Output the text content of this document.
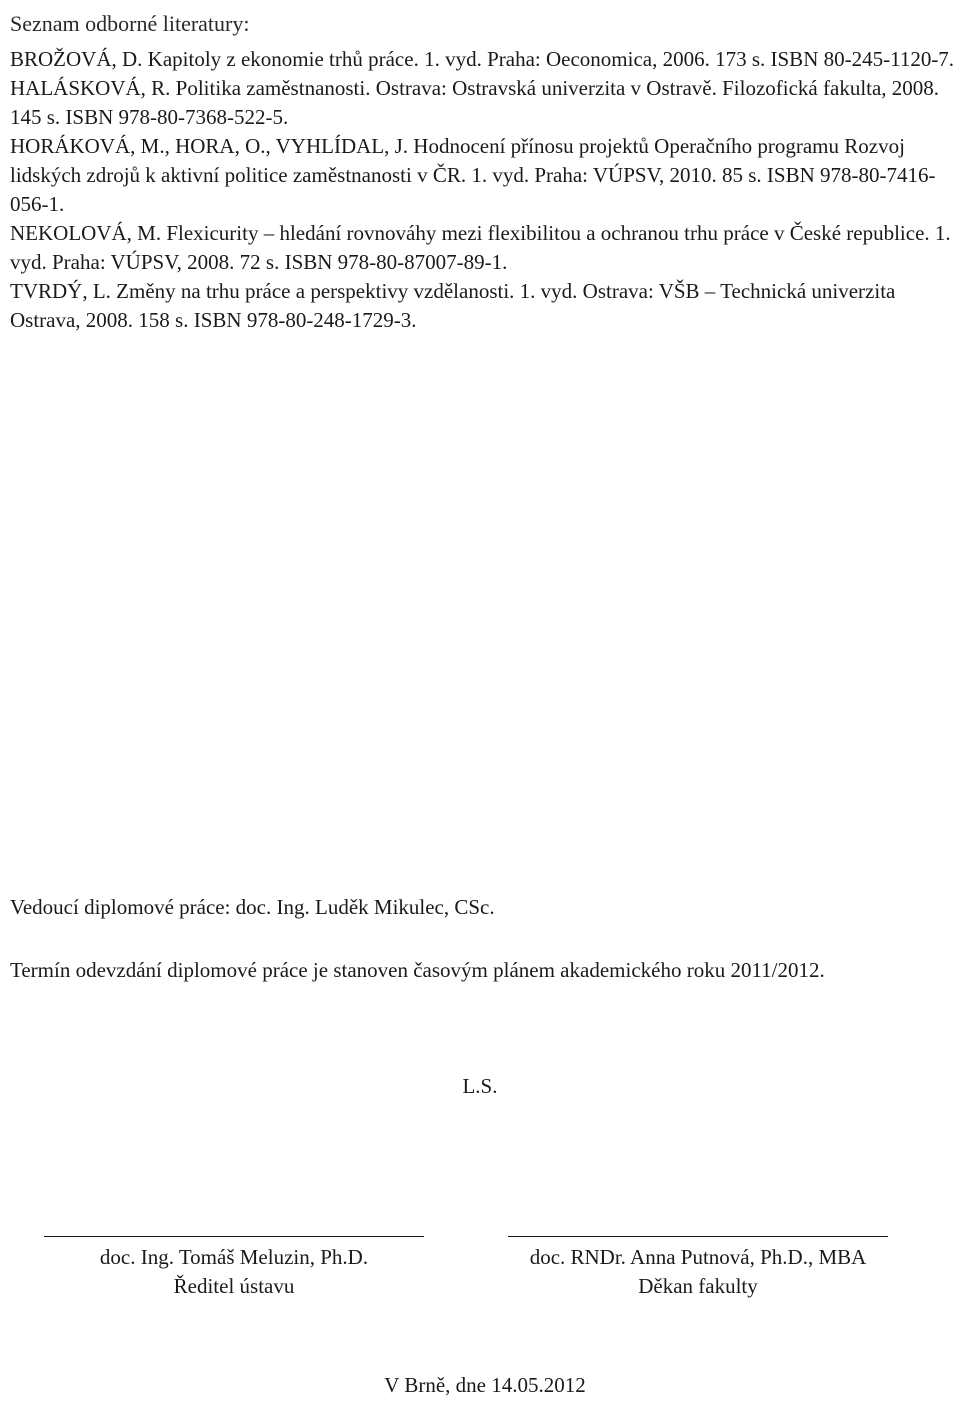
Seznam odborné literatury:

BROŽOVÁ, D. Kapitoly z ekonomie trhů práce. 1. vyd. Praha: Oeconomica, 2006. 173 s. ISBN 80-245-1120-7.

HALÁSKOVÁ, R. Politika zaměstnanosti. Ostrava: Ostravská univerzita v Ostravě. Filozofická fakulta, 2008. 145 s. ISBN 978-80-7368-522-5.

HORÁKOVÁ, M., HORA, O., VYHLÍDAL, J. Hodnocení přínosu projektů Operačního programu Rozvoj lidských zdrojů k aktivní politice zaměstnanosti v ČR. 1. vyd. Praha: VÚPSV, 2010. 85 s. ISBN 978-80-7416-056-1.

NEKOLOVÁ, M. Flexicurity – hledání rovnováhy mezi flexibilitou a ochranou trhu práce v České republice. 1. vyd. Praha: VÚPSV, 2008. 72 s. ISBN 978-80-87007-89-1.

TVRDÝ, L. Změny na trhu práce a perspektivy vzdělanosti. 1. vyd. Ostrava: VŠB – Technická univerzita Ostrava, 2008. 158 s. ISBN 978-80-248-1729-3.

Vedoucí diplomové práce: doc. Ing. Luděk Mikulec, CSc.
Termín odevzdání diplomové práce je stanoven časovým plánem akademického roku 2011/2012.
L.S.
doc. Ing. Tomáš Meluzin, Ph.D.
Ředitel ústavu
doc. RNDr. Anna Putnová, Ph.D., MBA
Děkan fakulty
V Brně, dne 14.05.2012
